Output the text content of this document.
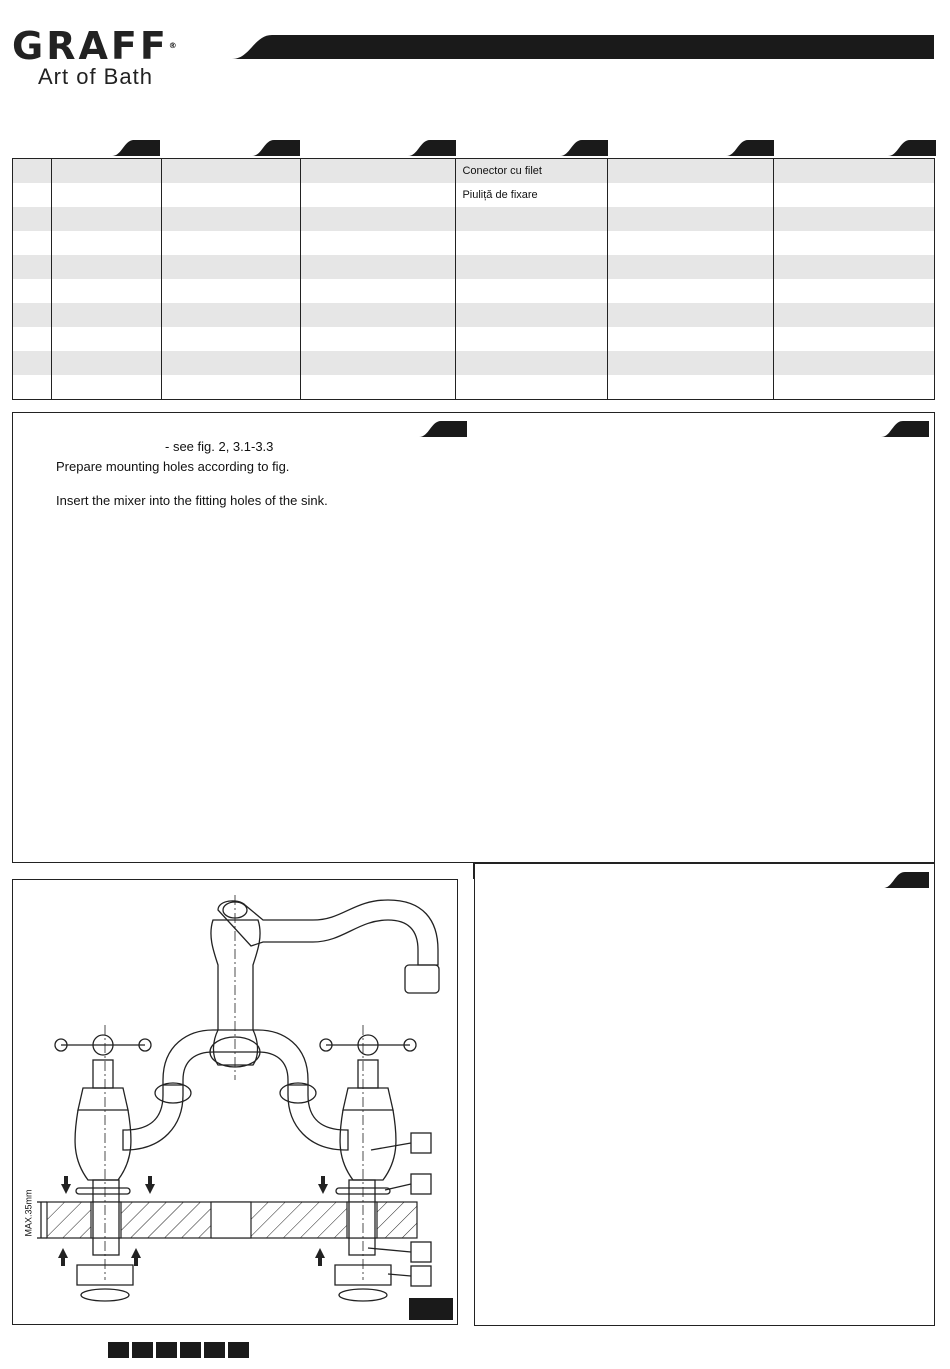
GRAFF®
Art of Bath
				Conector cu filet		
				Piuliță de fixare		

- see fig. 2, 3.1-3.3
Prepare mounting holes according to fig.
Insert the mixer into the fitting holes of the sink.
MAX.35mm
